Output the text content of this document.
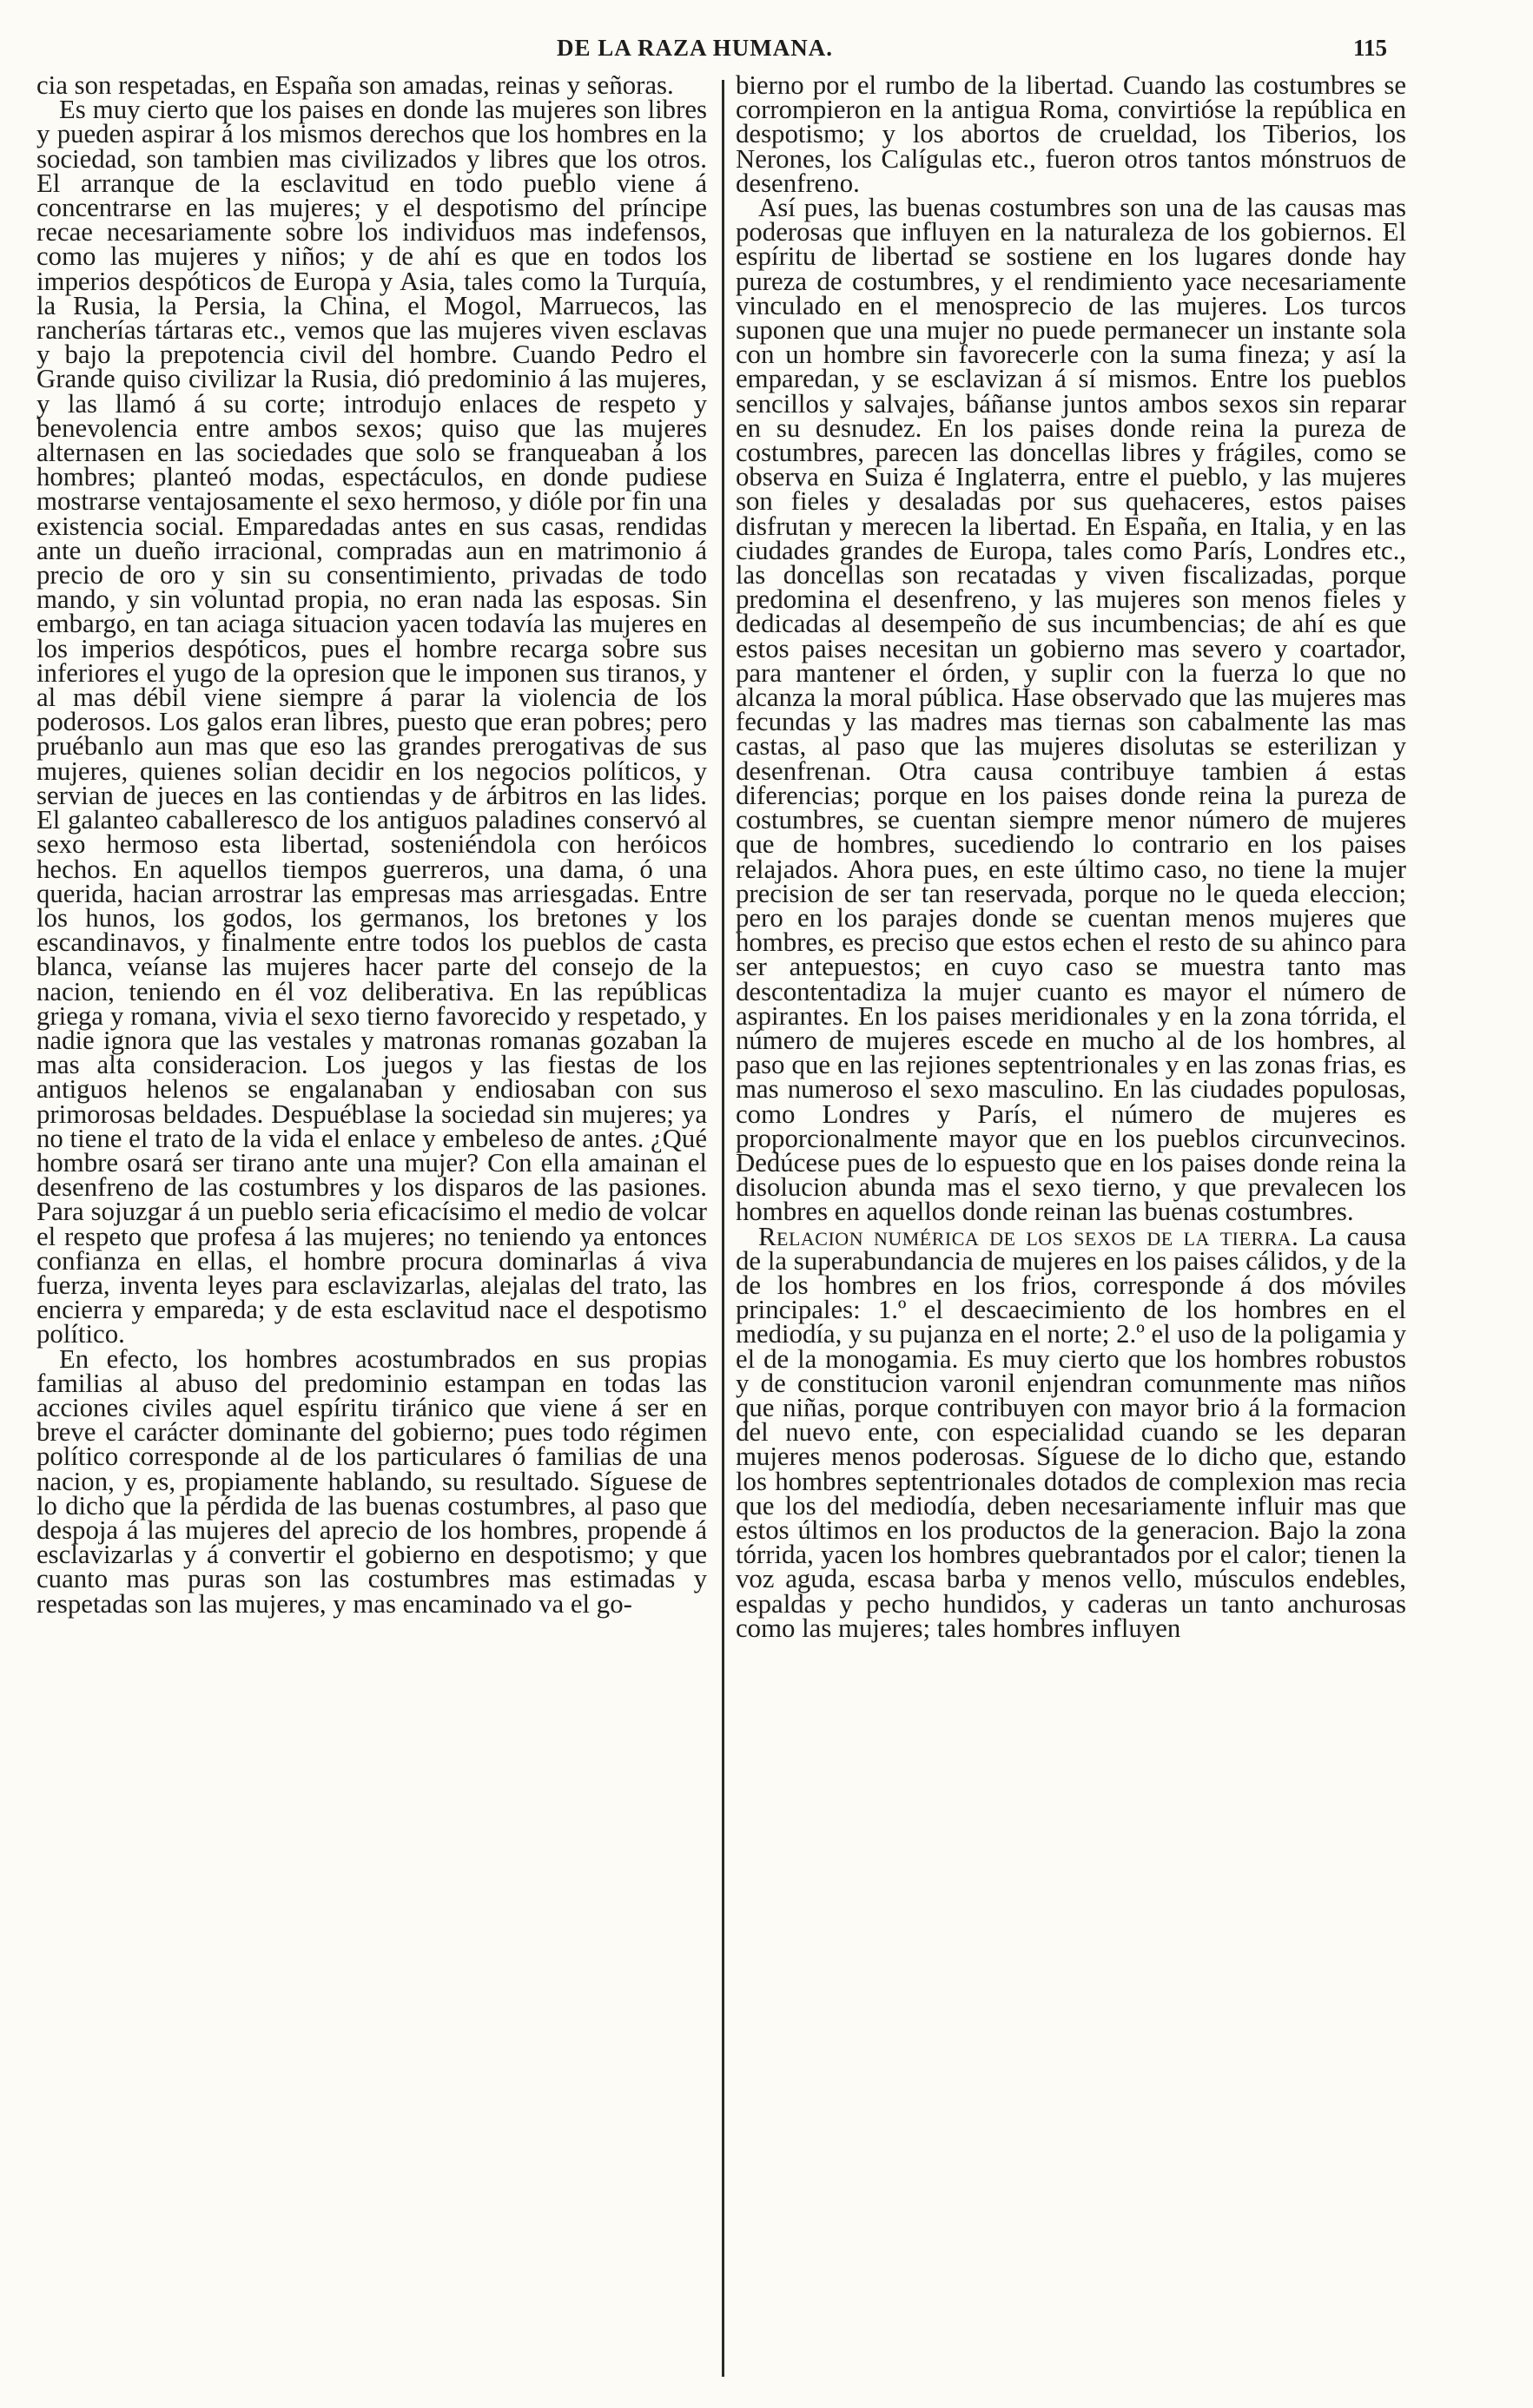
DE LA RAZA HUMANA.	115

cia son respetadas, en España son amadas, reinas y señoras.

Es muy cierto que los paises en donde las mujeres son libres y pueden aspirar á los mismos derechos que los hombres en la sociedad, son tambien mas civilizados y libres que los otros. El arranque de la esclavitud en todo pueblo viene á concentrarse en las mujeres; y el despotismo del príncipe recae necesariamente sobre los individuos mas indefensos, como las mujeres y niños; y de ahí es que en todos los imperios despóticos de Europa y Asia, tales como la Turquía, la Rusia, la Persia, la China, el Mogol, Marruecos, las rancherías tártaras etc., vemos que las mujeres viven esclavas y bajo la prepotencia civil del hombre. Cuando Pedro el Grande quiso civilizar la Rusia, dió predominio á las mujeres, y las llamó á su corte; introdujo enlaces de respeto y benevolencia entre ambos sexos; quiso que las mujeres alternasen en las sociedades que solo se franqueaban á los hombres; planteó modas, espectáculos, en donde pudiese mostrarse ventajosamente el sexo hermoso, y dióle por fin una existencia social. Emparedadas antes en sus casas, rendidas ante un dueño irracional, compradas aun en matrimonio á precio de oro y sin su consentimiento, privadas de todo mando, y sin voluntad propia, no eran nada las esposas. Sin embargo, en tan aciaga situacion yacen todavía las mujeres en los imperios despóticos, pues el hombre recarga sobre sus inferiores el yugo de la opresion que le imponen sus tiranos, y al mas débil viene siempre á parar la violencia de los poderosos. Los galos eran libres, puesto que eran pobres; pero pruébanlo aun mas que eso las grandes prerogativas de sus mujeres, quienes solian decidir en los negocios políticos, y servian de jueces en las contiendas y de árbitros en las lides. El galanteo caballeresco de los antiguos paladines conservó al sexo hermoso esta libertad, sosteniéndola con heróicos hechos. En aquellos tiempos guerreros, una dama, ó una querida, hacian arrostrar las empresas mas arriesgadas. Entre los hunos, los godos, los germanos, los bretones y los escandinavos, y finalmente entre todos los pueblos de casta blanca, veíanse las mujeres hacer parte del consejo de la nacion, teniendo en él voz deliberativa. En las repúblicas griega y romana, vivia el sexo tierno favorecido y respetado, y nadie ignora que las vestales y matronas romanas gozaban la mas alta consideracion. Los juegos y las fiestas de los antiguos helenos se engalanaban y endiosaban con sus primorosas beldades. Despuéblase la sociedad sin mujeres; ya no tiene el trato de la vida el enlace y embeleso de antes. ¿Qué hombre osará ser tirano ante una mujer? Con ella amainan el desenfreno de las costumbres y los disparos de las pasiones. Para sojuzgar á un pueblo seria eficacísimo el medio de volcar el respeto que profesa á las mujeres; no teniendo ya entonces confianza en ellas, el hombre procura dominarlas á viva fuerza, inventa leyes para esclavizarlas, alejalas del trato, las encierra y empareda; y de esta esclavitud nace el despotismo político.

En efecto, los hombres acostumbrados en sus propias familias al abuso del predominio estampan en todas las acciones civiles aquel espíritu tiránico que viene á ser en breve el carácter dominante del gobierno; pues todo régimen político corresponde al de los particulares ó familias de una nacion, y es, propiamente hablando, su resultado. Síguese de lo dicho que la pérdida de las buenas costumbres, al paso que despoja á las mujeres del aprecio de los hombres, propende á esclavizarlas y á convertir el gobierno en despotismo; y que cuanto mas puras son las costumbres mas estimadas y respetadas son las mujeres, y mas encaminado va el go-

bierno por el rumbo de la libertad. Cuando las costumbres se corrompieron en la antigua Roma, convirtióse la república en despotismo; y los abortos de crueldad, los Tiberios, los Nerones, los Calígulas etc., fueron otros tantos mónstruos de desenfreno.

Así pues, las buenas costumbres son una de las causas mas poderosas que influyen en la naturaleza de los gobiernos. El espíritu de libertad se sostiene en los lugares donde hay pureza de costumbres, y el rendimiento yace necesariamente vinculado en el menosprecio de las mujeres. Los turcos suponen que una mujer no puede permanecer un instante sola con un hombre sin favorecerle con la suma fineza; y así la emparedan, y se esclavizan á sí mismos. Entre los pueblos sencillos y salvajes, báñanse juntos ambos sexos sin reparar en su desnudez. En los paises donde reina la pureza de costumbres, parecen las doncellas libres y frágiles, como se observa en Suiza é Inglaterra, entre el pueblo, y las mujeres son fieles y desaladas por sus quehaceres, estos paises disfrutan y merecen la libertad. En España, en Italia, y en las ciudades grandes de Europa, tales como París, Londres etc., las doncellas son recatadas y viven fiscalizadas, porque predomina el desenfreno, y las mujeres son menos fieles y dedicadas al desempeño de sus incumbencias; de ahí es que estos paises necesitan un gobierno mas severo y coartador, para mantener el órden, y suplir con la fuerza lo que no alcanza la moral pública. Hase observado que las mujeres mas fecundas y las madres mas tiernas son cabalmente las mas castas, al paso que las mujeres disolutas se esterilizan y desenfrenan. Otra causa contribuye tambien á estas diferencias; porque en los paises donde reina la pureza de costumbres, se cuentan siempre menor número de mujeres que de hombres, sucediendo lo contrario en los paises relajados. Ahora pues, en este último caso, no tiene la mujer precision de ser tan reservada, porque no le queda eleccion; pero en los parajes donde se cuentan menos mujeres que hombres, es preciso que estos echen el resto de su ahinco para ser antepuestos; en cuyo caso se muestra tanto mas descontentadiza la mujer cuanto es mayor el número de aspirantes. En los paises meridionales y en la zona tórrida, el número de mujeres escede en mucho al de los hombres, al paso que en las rejiones septentrionales y en las zonas frias, es mas numeroso el sexo masculino. En las ciudades populosas, como Londres y París, el número de mujeres es proporcionalmente mayor que en los pueblos circunvecinos. Dedúcese pues de lo espuesto que en los paises donde reina la disolucion abunda mas el sexo tierno, y que prevalecen los hombres en aquellos donde reinan las buenas costumbres.

Relacion numérica de los sexos de la tierra. La causa de la superabundancia de mujeres en los paises cálidos, y de la de los hombres en los frios, corresponde á dos móviles principales: 1.º el descaecimiento de los hombres en el mediodía, y su pujanza en el norte; 2.º el uso de la poligamia y el de la monogamia. Es muy cierto que los hombres robustos y de constitucion varonil enjendran comunmente mas niños que niñas, porque contribuyen con mayor brio á la formacion del nuevo ente, con especialidad cuando se les deparan mujeres menos poderosas. Síguese de lo dicho que, estando los hombres septentrionales dotados de complexion mas recia que los del mediodía, deben necesariamente influir mas que estos últimos en los productos de la generacion. Bajo la zona tórrida, yacen los hombres quebrantados por el calor; tienen la voz aguda, escasa barba y menos vello, músculos endebles, espaldas y pecho hundidos, y caderas un tanto anchurosas como las mujeres; tales hombres influyen
